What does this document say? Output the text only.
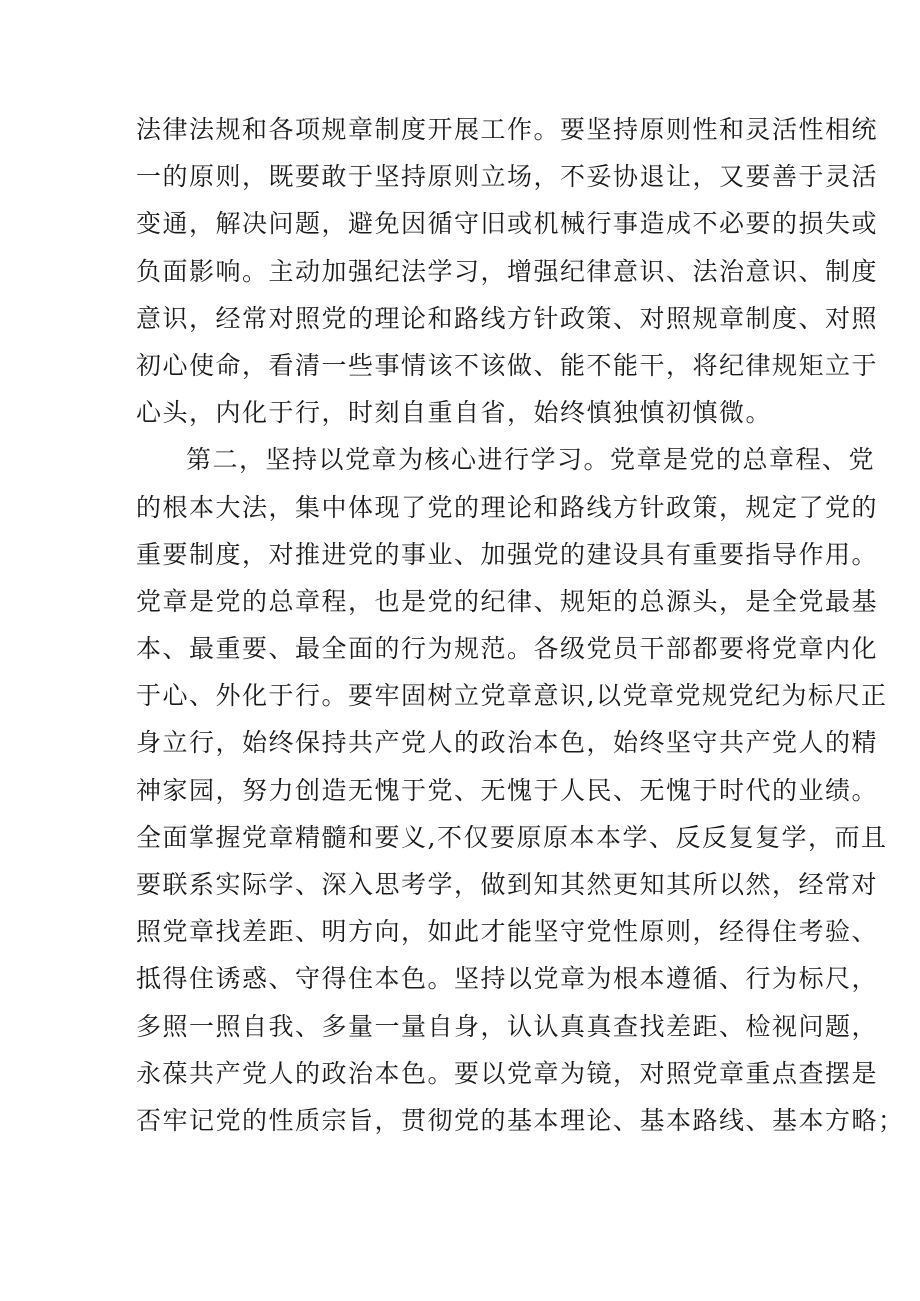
法律法规和各项规章制度开展工作。要坚持原则性和灵活性相统
一的原则，既要敢于坚持原则立场，不妥协退让，又要善于灵活
变通，解决问题，避免因循守旧或机械行事造成不必要的损失或
负面影响。主动加强纪法学习，增强纪律意识、法治意识、制度
意识，经常对照党的理论和路线方针政策、对照规章制度、对照
初心使命，看清一些事情该不该做、能不能干，将纪律规矩立于
心头，内化于行，时刻自重自省，始终慎独慎初慎微。
第二，坚持以党章为核心进行学习。党章是党的总章程、党
的根本大法，集中体现了党的理论和路线方针政策，规定了党的
重要制度，对推进党的事业、加强党的建设具有重要指导作用。
党章是党的总章程，也是党的纪律、规矩的总源头，是全党最基
本、最重要、最全面的行为规范。各级党员干部都要将党章内化
于心、外化于行。要牢固树立党章意识,以党章党规党纪为标尺正
身立行，始终保持共产党人的政治本色，始终坚守共产党人的精
神家园，努力创造无愧于党、无愧于人民、无愧于时代的业绩。
全面掌握党章精髓和要义,不仅要原原本本学、反反复复学，而且
要联系实际学、深入思考学，做到知其然更知其所以然，经常对
照党章找差距、明方向，如此才能坚守党性原则，经得住考验、
抵得住诱惑、守得住本色。坚持以党章为根本遵循、行为标尺，
多照一照自我、多量一量自身，认认真真查找差距、检视问题，
永葆共产党人的政治本色。要以党章为镜，对照党章重点查摆是
否牢记党的性质宗旨，贯彻党的基本理论、基本路线、基本方略；
